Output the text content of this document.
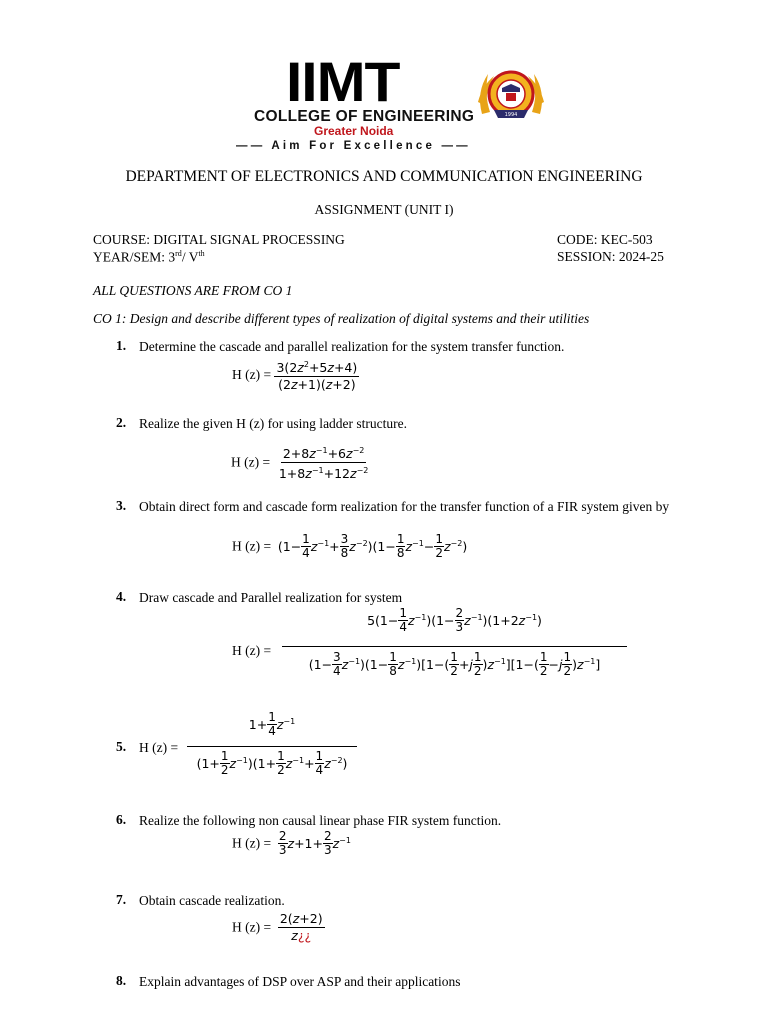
IIMT
COLLEGE OF ENGINEERING
Greater Noida
—— Aim For Excellence ——
1994
DEPARTMENT OF ELECTRONICS AND COMMUNICATION ENGINEERING
ASSIGNMENT (UNIT I)
COURSE: DIGITAL SIGNAL PROCESSING	CODE: KEC-503
YEAR/SEM: 3rd/ Vth	SESSION: 2024-25
ALL QUESTIONS ARE FROM CO 1
CO 1: Design and describe different types of realization of digital systems and their utilities
1. Determine the cascade and parallel realization for the system transfer function.
H $(z) = \frac{3(2z^2+5z+4)}{(2z+1)(z+2)}$
2. Realize the given H (z) for using ladder structure.
H $(z) = \frac{2+8z^{-1}+6z^{-2}}{1+8z^{-1}+12z^{-2}}$
3. Obtain direct form and cascade form realization for the transfer function of a FIR system given by
H $(z) = (1- \frac{1}{4} z^{-1}+ \frac{3}{8} z^{-2})(1- \frac{1}{8} z^{-1}- \frac{1}{2} z^{-2})$
4. Draw cascade and Parallel realization for system
H (z) =
$5(1- \frac{1}{4} z^{-1})(1- \frac{2}{3} z^{-1})(1+2z^{-1})$
$(1- \frac{3}{4} z^{-1})(1- \frac{1}{8} z^{-1})[1-( \frac{1}{2} +j \frac{1}{2} )z^{-1}][1-( \frac{1}{2} -j \frac{1}{2} )z^{-1}]$
5. H (z) =
$1+ \frac{1}{4} z^{-1}$
$(1+ \frac{1}{2} z^{-1})(1+ \frac{1}{2} z^{-1}+ \frac{1}{4} z^{-2})$
6. Realize the following non causal linear phase FIR system function.
H $(z) = \frac{2}{3} z+1+ \frac{2}{3} z^{-1}$
7. Obtain cascade realization.
H $(z) = \frac{2(z+2)}{z¿¿}$
8. Explain advantages of DSP over ASP and their applications
